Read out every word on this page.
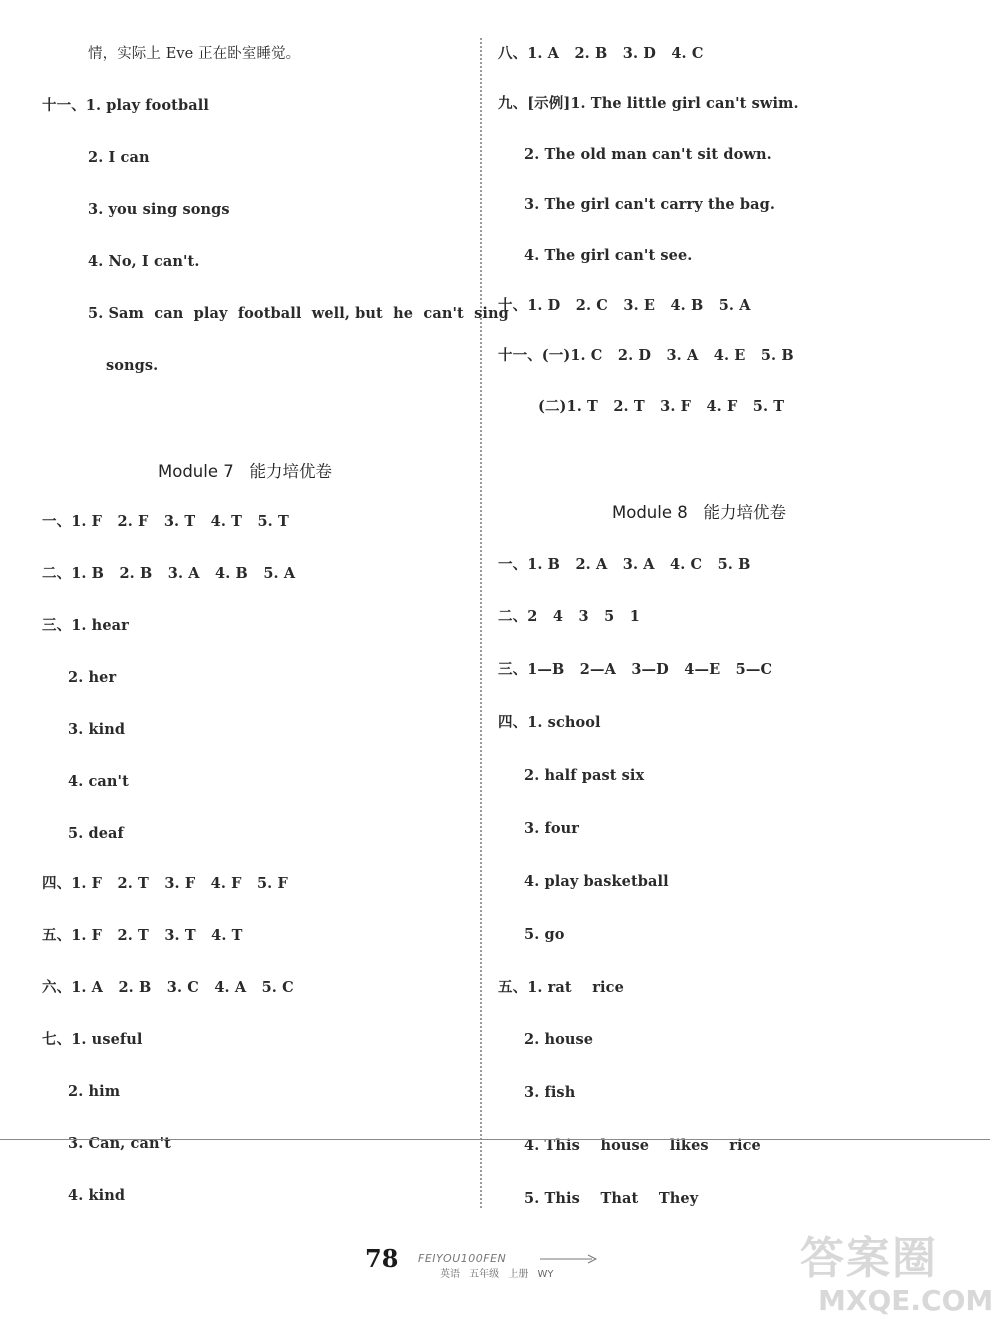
情，实际上 Eve 正在卧室睡觉。
十一、1. play football
2. I can
3. you sing songs
4. No, I can't.
5. Sam  can  play  football  well, but  he  can't  sing
songs.
Module 7   能力培优卷
一、1. F   2. F   3. T   4. T   5. T
二、1. B   2. B   3. A   4. B   5. A
三、1. hear
2. her
3. kind
4. can't
5. deaf
四、1. F   2. T   3. F   4. F   5. F
五、1. F   2. T   3. T   4. T
六、1. A   2. B   3. C   4. A   5. C
七、1. useful
2. him
3. Can, can't
4. kind
八、1. A   2. B   3. D   4. C
九、[示例]1. The little girl can't swim.
2. The old man can't sit down.
3. The girl can't carry the bag.
4. The girl can't see.
十、1. D   2. C   3. E   4. B   5. A
十一、(一)1. C   2. D   3. A   4. E   5. B
(二)1. T   2. T   3. F   4. F   5. T
Module 8   能力培优卷
一、1. B   2. A   3. A   4. C   5. B
二、2   4   3   5   1
三、1—B   2—A   3—D   4—E   5—C
四、1. school
2. half past six
3. four
4. play basketball
5. go
五、1. rat    rice
2. house
3. fish
4. This    house    likes    rice
5. This    That    They
78 FEIYOU100FEN
英语 五年级 上册 WY	答案圈
MXQE.COM
